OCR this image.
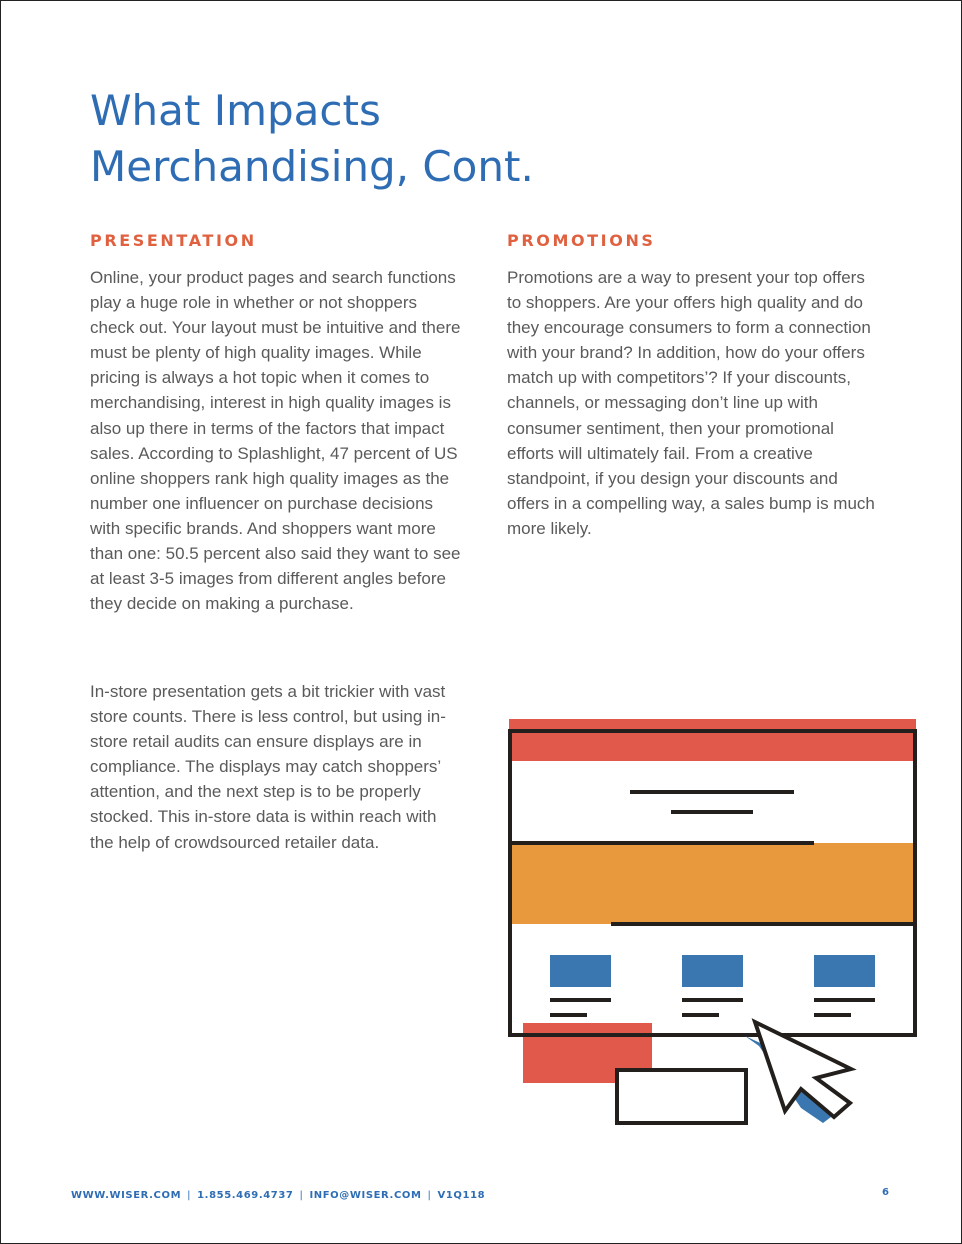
What Impacts
Merchandising, Cont.
PRESENTATION

Online, your product pages and search functions play a huge role in whether or not shoppers check out. Your layout must be intuitive and there must be plenty of high quality images. While pricing is always a hot topic when it comes to merchandising, interest in high quality images is also up there in terms of the factors that impact sales. According to Splashlight, 47 percent of US online shoppers rank high quality images as the number one influencer on purchase decisions with specific brands. And shoppers want more than one: 50.5 percent also said they want to see at least 3-5 images from different angles before they decide on making a purchase.

In-store presentation gets a bit trickier with vast store counts. There is less control, but using in-store retail audits can ensure displays are in compliance. The displays may catch shoppers’ attention, and the next step is to be properly stocked. This in-store data is within reach with the help of crowdsourced retailer data.

PROMOTIONS

Promotions are a way to present your top offers to shoppers. Are your offers high quality and do they encourage consumers to form a connection with your brand? In addition, how do your offers match up with competitors’? If your discounts, channels, or messaging don’t line up with consumer sentiment, then your promotional efforts will ultimately fail. From a creative standpoint, if you design your discounts and offers in a compelling way, a sales bump is much more likely.

WWW.WISER.COM | 1.855.469.4737 | INFO@WISER.COM | V1Q118	6
